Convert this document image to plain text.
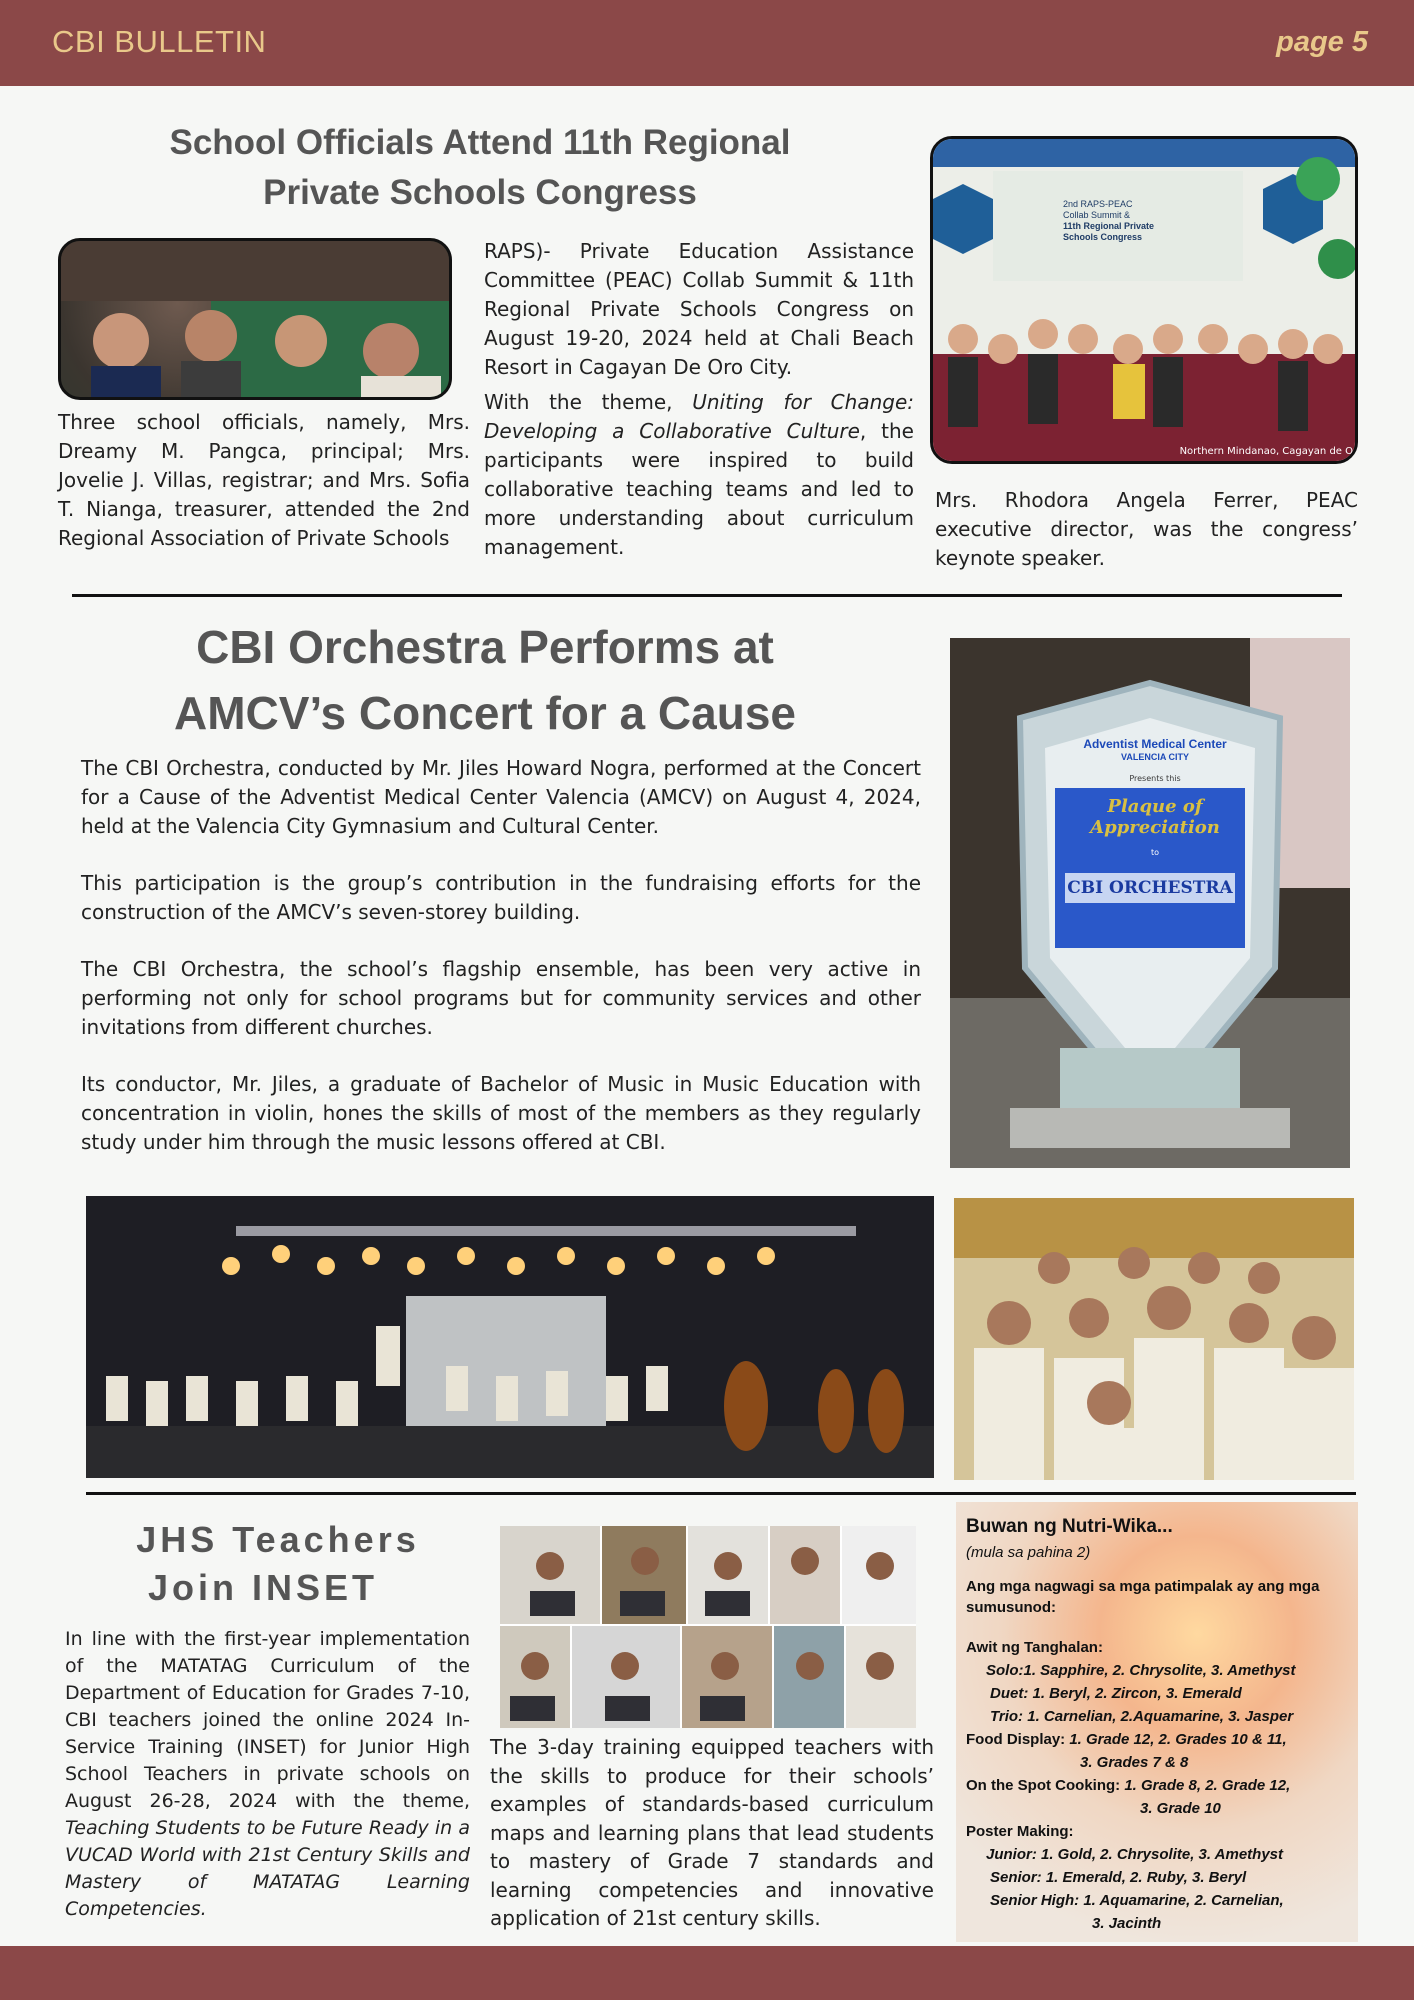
CBI BULLETIN	page 5
School Officials Attend 11th Regional
Private Schools Congress
Three school officials, namely, Mrs. Dreamy M. Pangca, principal; Mrs. Jovelie J. Villas, registrar; and Mrs. Sofia T. Nianga, treasurer, attended the 2nd Regional Association of Private Schools
RAPS)- Private Education Assistance Committee (PEAC) Collab Summit & 11th Regional Private Schools Congress on August 19-20, 2024 held at Chali Beach Resort in Cagayan De Oro City.
With the theme, Uniting for Change: Developing a Collaborative Culture, the participants were inspired to build collaborative teaching teams and led to more understanding about curriculum management.
2nd RAPS-PEAC
Collab Summit &
11th Regional Private
Schools Congress
Northern Mindanao, Cagayan de O
Mrs. Rhodora Angela Ferrer, PEAC executive director, was the congress’ keynote speaker.
CBI Orchestra Performs at
AMCV’s Concert for a Cause
The CBI Orchestra, conducted by Mr. Jiles Howard Nogra, performed at the Concert for a Cause of the Adventist Medical Center Valencia (AMCV) on August 4, 2024, held at the Valencia City Gymnasium and Cultural Center.
This participation is the group’s contribution in the fundraising efforts for the construction of the AMCV’s seven-storey building.
The CBI Orchestra, the school’s flagship ensemble, has been very active in performing not only for school programs but for community services and other invitations from different churches.
Its conductor, Mr. Jiles, a graduate of Bachelor of Music in Music Education with concentration in violin, hones the skills of most of the members as they regularly study under him through the music lessons offered at CBI.
Adventist Medical Center
VALENCIA CITY
Presents this
Plaque of Appreciation
to
CBI ORCHESTRA
JHS Teachers
Join INSET
In line with the first-year implementation of the MATATAG Curriculum of the Department of Education for Grades 7-10, CBI teachers joined the online 2024 In-Service Training (INSET) for Junior High School Teachers in private schools on August 26-28, 2024 with the theme, Teaching Students to be Future Ready in a VUCAD World with 21st Century Skills and Mastery of MATATAG Learning Competencies.
The 3-day training equipped teachers with the skills to produce for their schools’ examples of standards-based curriculum maps and learning plans that lead students to mastery of Grade 7 standards and learning competencies and innovative application of 21st century skills.
Buwan ng Nutri-Wika...
(mula sa pahina 2)
Ang mga nagwagi sa mga patimpalak ay ang mga sumusunod:
Awit ng Tanghalan:
Solo:1. Sapphire, 2. Chrysolite, 3. Amethyst
Duet: 1. Beryl, 2. Zircon, 3. Emerald
Trio: 1. Carnelian, 2.Aquamarine, 3. Jasper
Food Display: 1. Grade 12, 2. Grades 10 & 11,
3. Grades 7 & 8
On the Spot Cooking: 1. Grade 8, 2. Grade 12,
3. Grade 10
Poster Making:
Junior: 1. Gold, 2. Chrysolite, 3. Amethyst
Senior: 1. Emerald, 2. Ruby, 3. Beryl
Senior High: 1. Aquamarine, 2. Carnelian,
3. Jacinth
